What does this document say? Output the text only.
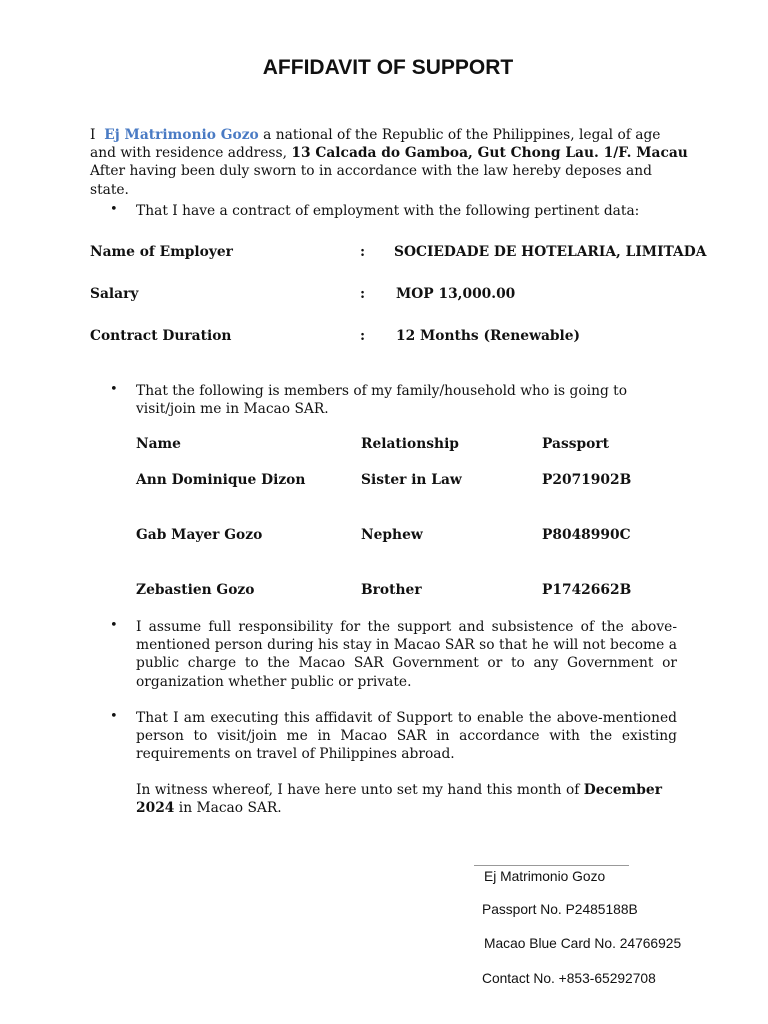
AFFIDAVIT OF SUPPORT
I Ej Matrimonio Gozo a national of the Republic of the Philippines, legal of age and with residence address, 13 Calcada do Gamboa, Gut Chong Lau. 1/F. Macau After having been duly sworn to in accordance with the law hereby deposes and state.
• That I have a contract of employment with the following pertinent data:
Name of Employer	: SOCIEDADE DE HOTELARIA, LIMITADA
Salary	: MOP 13,000.00
Contract Duration	: 12 Months (Renewable)
• That the following is members of my family/household who is going to visit/join me in Macao SAR.
Name	Relationship	Passport
Ann Dominique Dizon	Sister in Law	P2071902B
Gab Mayer Gozo	Nephew	P8048990C
Zebastien Gozo	Brother	P1742662B
• I assume full responsibility for the support and subsistence of the above-mentioned person during his stay in Macao SAR so that he will not become a public charge to the Macao SAR Government or to any Government or organization whether public or private.
• That I am executing this affidavit of Support to enable the above-mentioned person to visit/join me in Macao SAR in accordance with the existing requirements on travel of Philippines abroad.
In witness whereof, I have here unto set my hand this month of December 2024 in Macao SAR.
Ej Matrimonio Gozo
Passport No. P2485188B
Macao Blue Card No. 24766925
Contact No. +853-65292708
